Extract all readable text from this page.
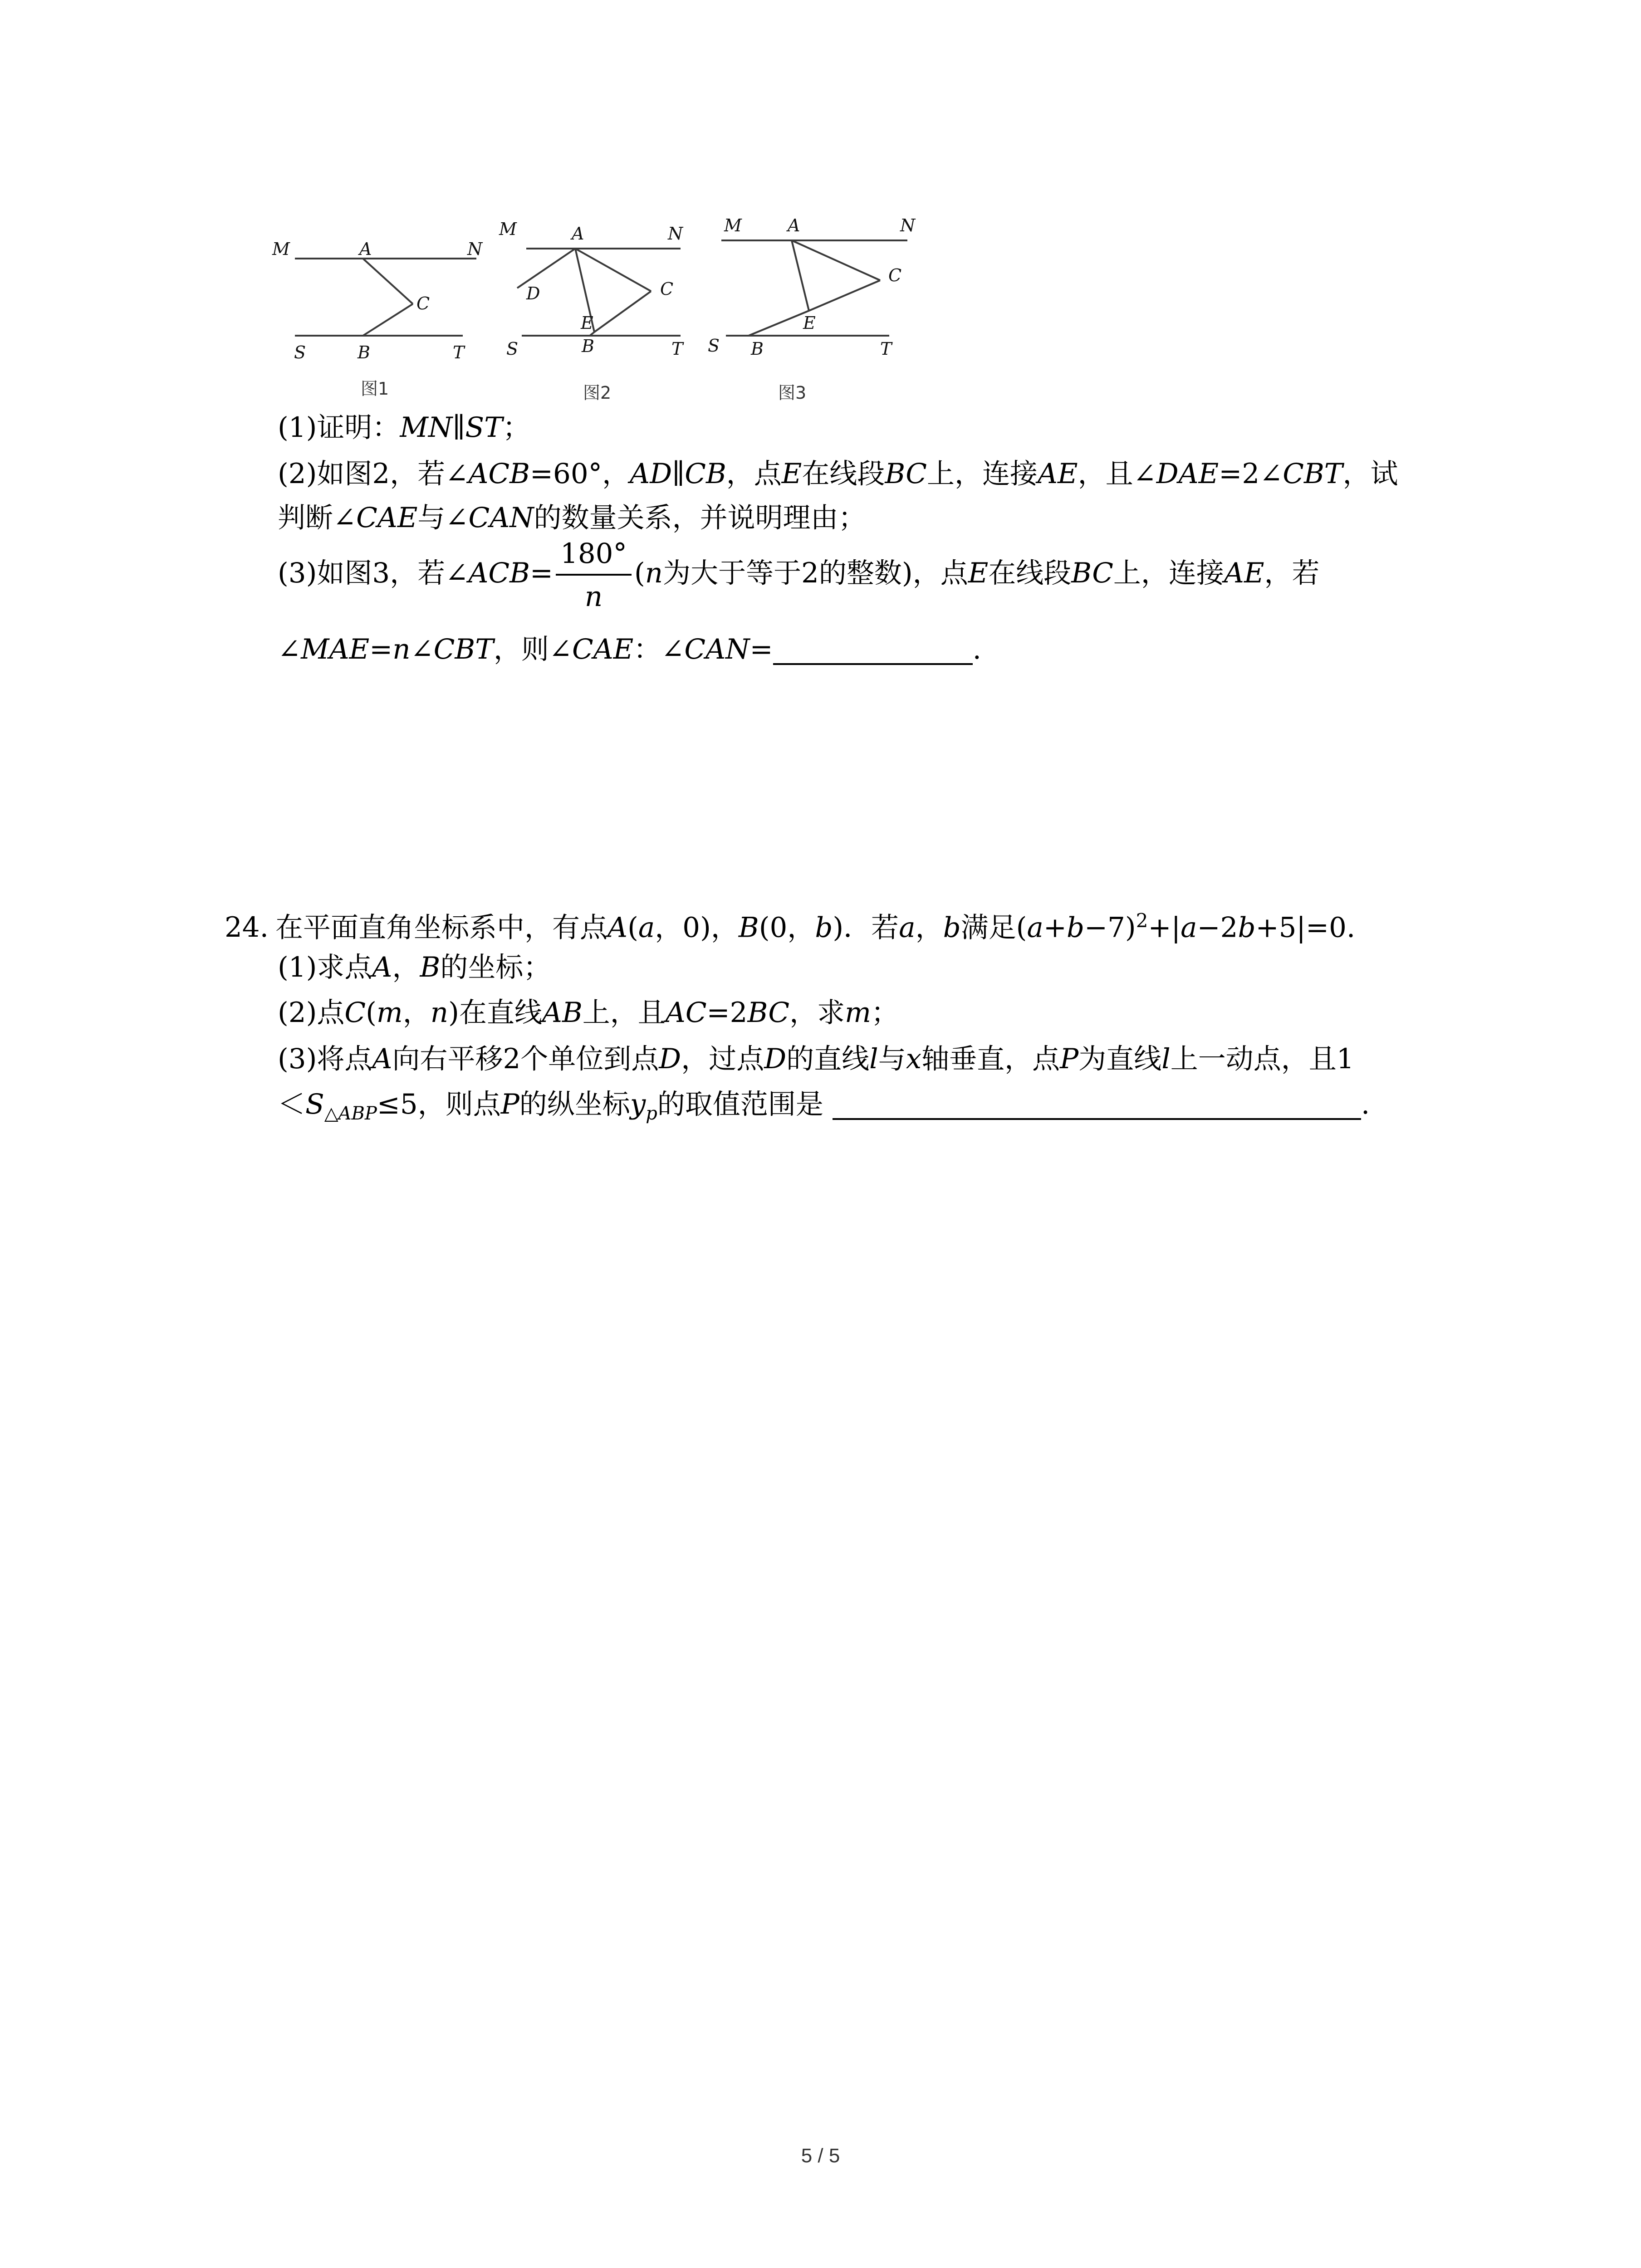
M	A	N
C
S	B	T
图1
M	A	N
D	C
E
S	B	T
图2
M	A	N
C
E
S B	T
图3
(1)证明：MN∥ST；
(2)如图2，若∠ACB=60°，AD∥CB，点E在线段BC上，连接AE，且∠DAE=2∠CBT，试
判断∠CAE与∠CAN的数量关系，并说明理由；
(3)如图3，若∠ACB= $\frac{180^\circ}{n} (n$为大于等于2的整数)，点E在线段BC上，连接AE，若
∠MAE=n∠CBT，则∠CAE：∠CAN=	.
24. 在平面直角坐标系中，有点A(a，0)，B(0，b)．若a，b满足$(a+b-7)^2+|a-2b+5|=0$.
(1)求点A，B的坐标；
(2)点C(m，n)在直线AB上，且AC=2BC，求m；
(3)将点A向右平移2个单位到点D，过点D的直线l与x轴垂直，点P为直线l上一动点，且1
$<S_{\triangle ABP}\le 5$，则点P的纵坐标$y_p$的取值范围是	.
5 / 5
